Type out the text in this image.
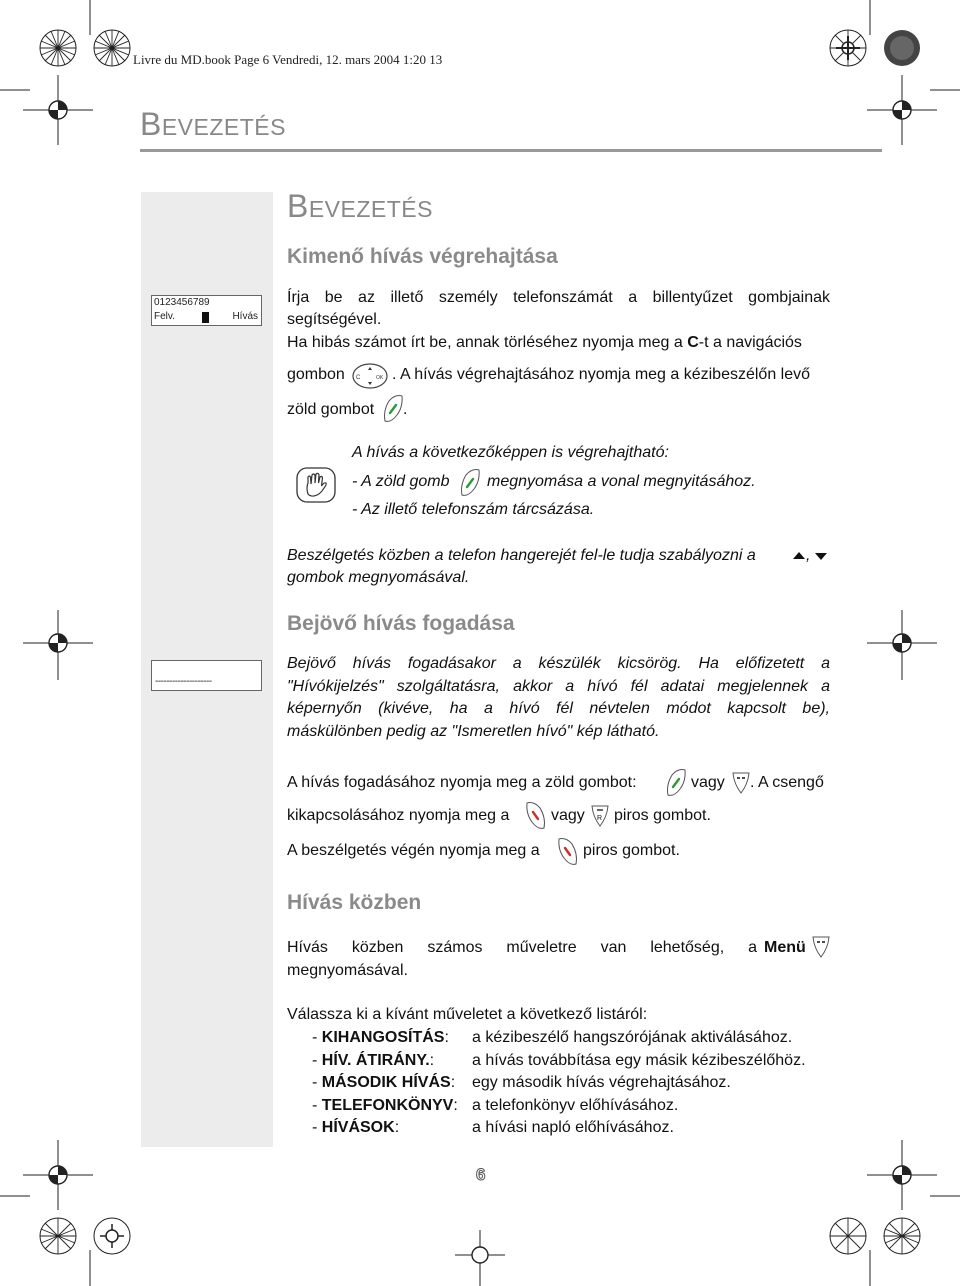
Livre du MD.book Page 6 Vendredi, 12. mars 2004 1:20 13
BEVEZETÉS
0123456789
Felv.	Hívás
--------------------
BEVEZETÉS
Kimenő hívás végrehajtása
Írja be az illető személy telefonszámát a billentyűzet gombjainak
segítségével.
Ha hibás számot írt be, annak törléséhez nyomja meg a C-t a navigációs
gombon C	OK . A hívás végrehajtásához nyomja meg a kézibeszélőn levő
zöld gombot .
A hívás a következőképpen is végrehajtható:
- A zöld gomb megnyomása a vonal megnyitásához.
- Az illető telefonszám tárcsázása.
Beszélgetés közben a telefon hangerejét fel-le tudja szabályozni a	,
gombok megnyomásával.
Bejövő hívás fogadása
Bejövő hívás fogadásakor a készülék kicsörög. Ha előfizetett a
"Hívókijelzés" szolgáltatásra, akkor a hívó fél adatai megjelennek a
képernyőn (kivéve, ha a hívó fél névtelen módot kapcsolt be),
máskülönben pedig az "Ismeretlen hívó" kép látható.
A hívás fogadásához nyomja meg a zöld gombot:	vagy . A csengő
kikapcsolásához nyomja meg a	vagy R piros gombot.
A beszélgetés végén nyomja meg a	piros gombot.
Hívás közben
Hívás közben számos műveletre van lehetőség, a Menü
megnyomásával.
Válassza ki a kívánt műveletet a következő listáról:
- KIHANGOSÍTÁS: a kézibeszélő hangszórójának aktiválásához.
- HÍV. ÁTIRÁNY.: a hívás továbbítása egy másik kézibeszélőhöz.
- MÁSODIK HÍVÁS: egy második hívás végrehajtásához.
- TELEFONKÖNYV: a telefonkönyv előhívásához.
- HÍVÁSOK:	a hívási napló előhívásához.
6
